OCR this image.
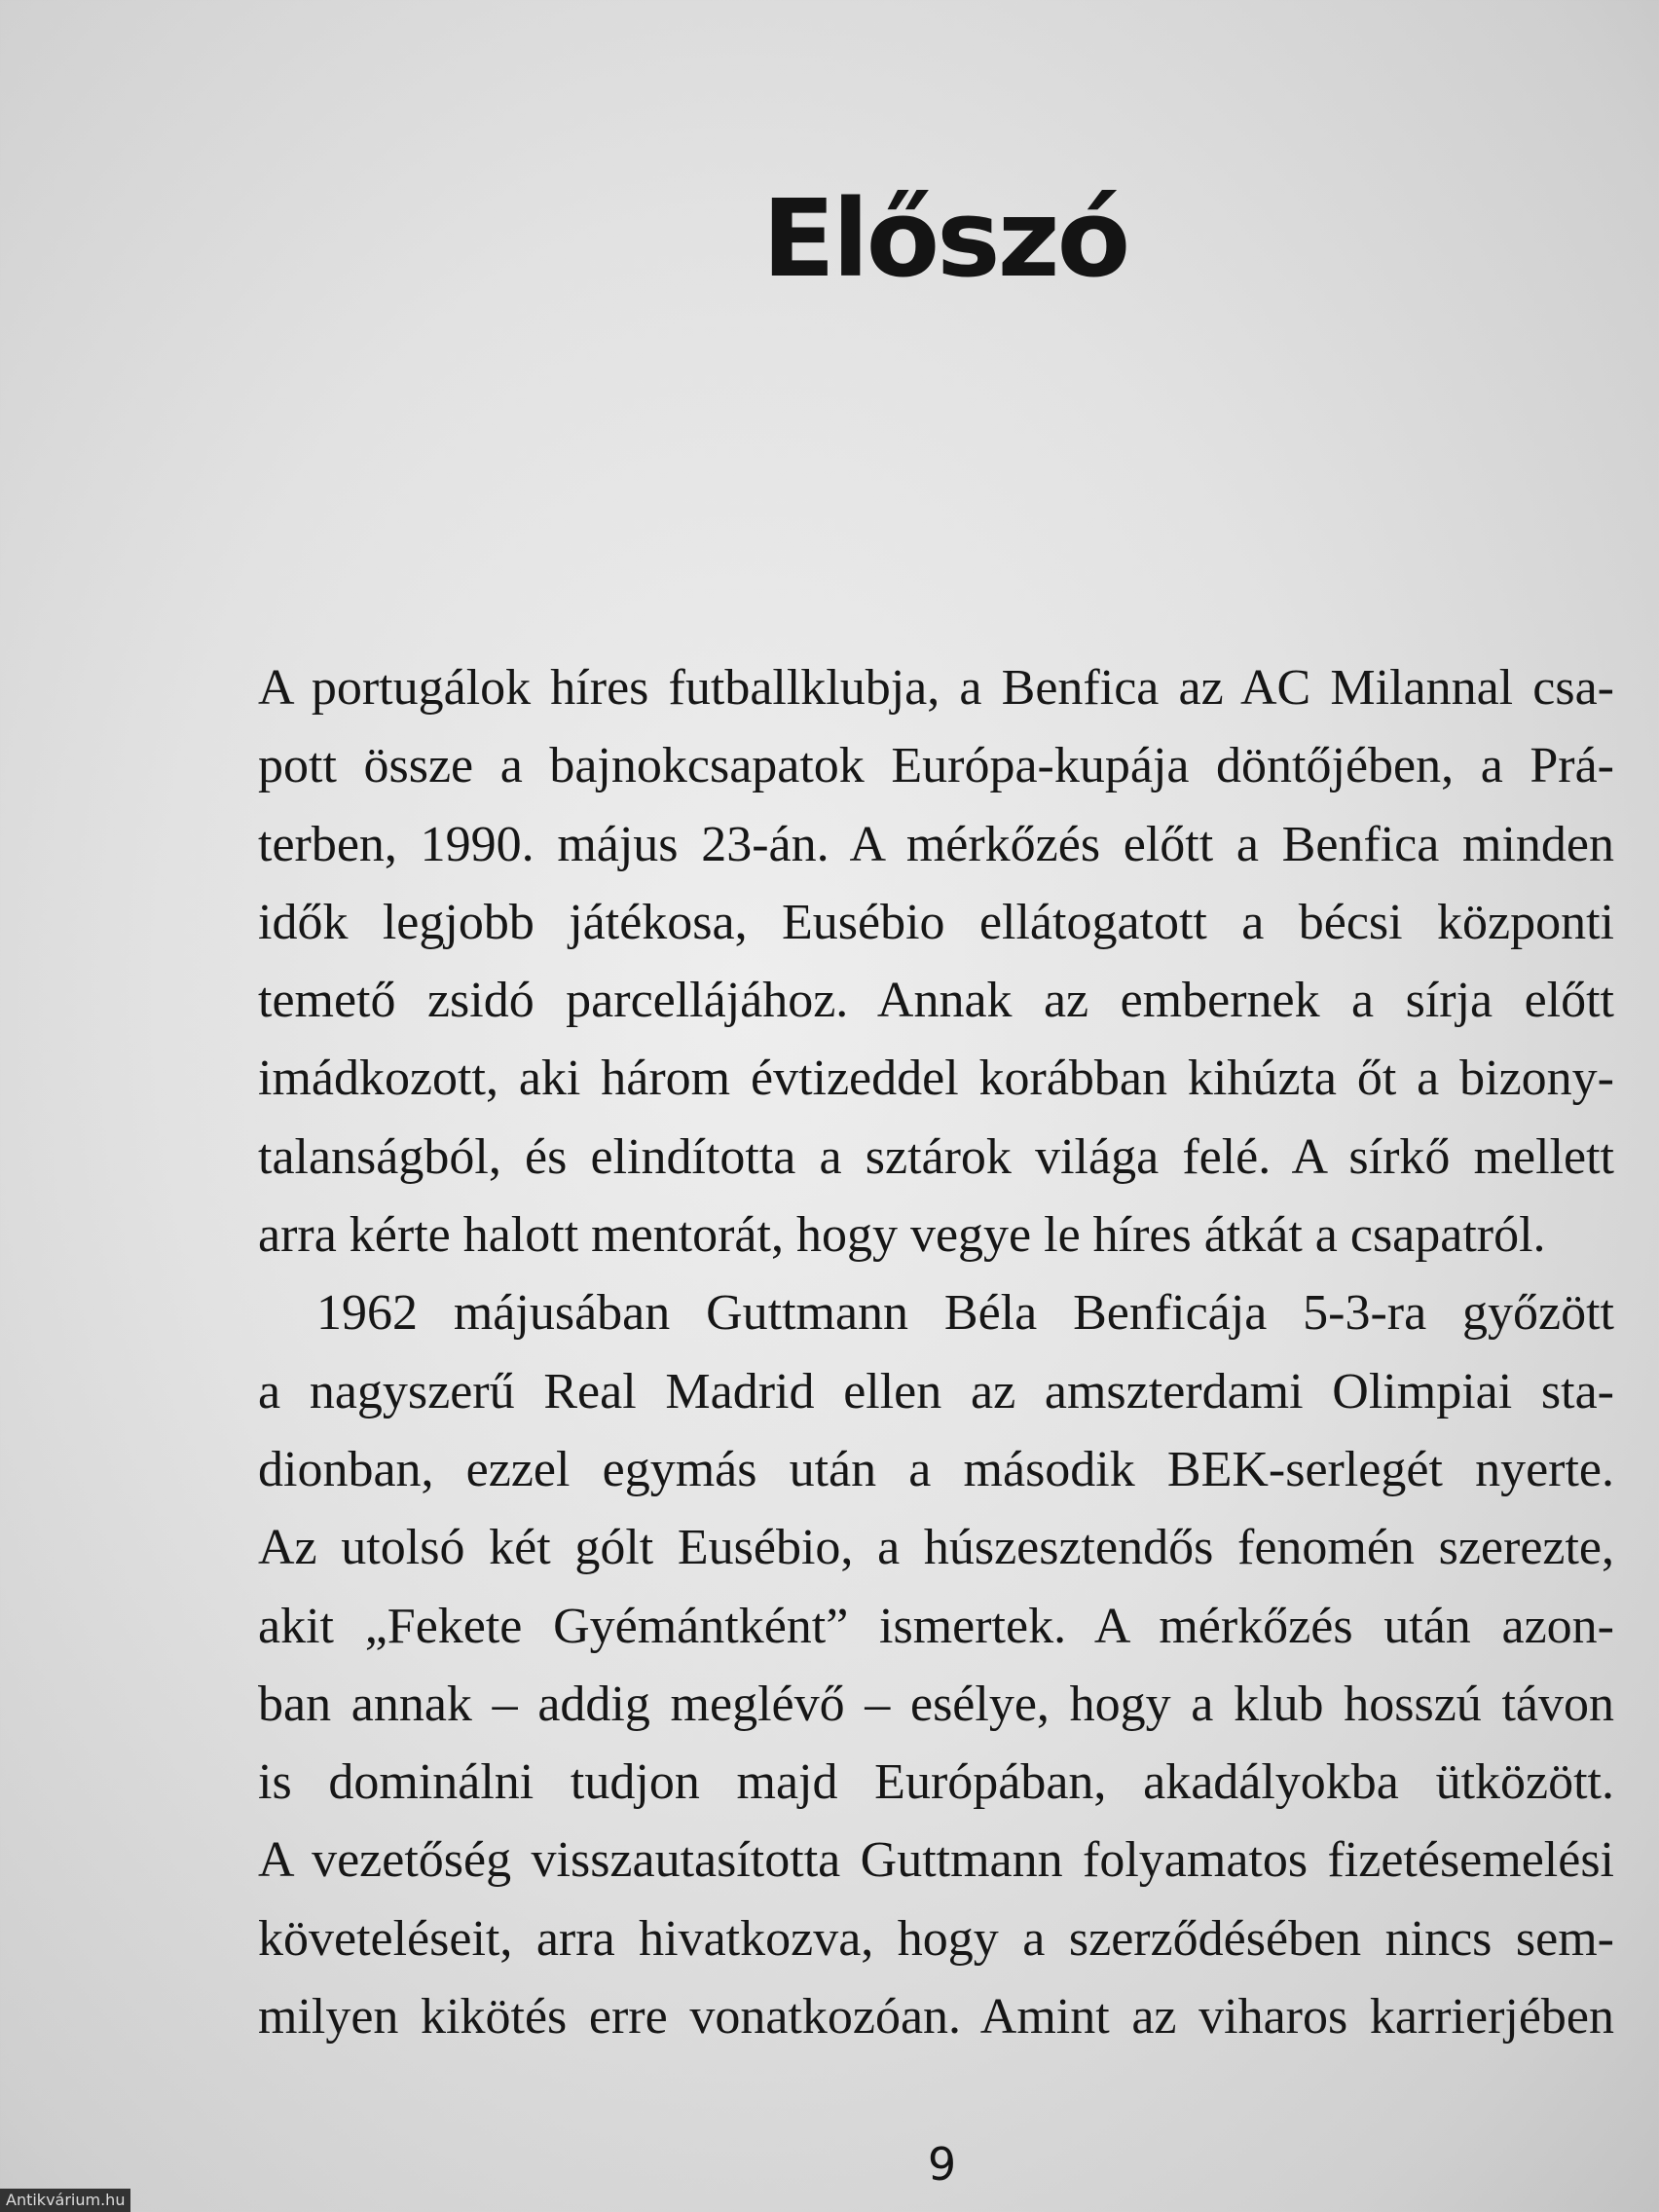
Előszó
A portugálok híres futballklubja, a Benfica az AC Milannal csa-
pott össze a bajnokcsapatok Európa-kupája döntőjében, a Prá-
terben, 1990. május 23-án. A mérkőzés előtt a Benfica minden
idők legjobb játékosa, Eusébio ellátogatott a bécsi központi
temető zsidó parcellájához. Annak az embernek a sírja előtt
imádkozott, aki három évtizeddel korábban kihúzta őt a bizony-
talanságból, és elindította a sztárok világa felé. A sírkő mellett
arra kérte halott mentorát, hogy vegye le híres átkát a csapatról.
1962 májusában Guttmann Béla Benficája 5-3-ra győzött
a nagyszerű Real Madrid ellen az amszterdami Olimpiai sta-
dionban, ezzel egymás után a második BEK-serlegét nyerte.
Az utolsó két gólt Eusébio, a húszesztendős fenomén szerezte,
akit „Fekete Gyémántként” ismertek. A mérkőzés után azon-
ban annak – addig meglévő – esélye, hogy a klub hosszú távon
is dominálni tudjon majd Európában, akadályokba ütközött.
A vezetőség visszautasította Guttmann folyamatos fizetésemelési
követeléseit, arra hivatkozva, hogy a szerződésében nincs sem-
milyen kikötés erre vonatkozóan. Amint az viharos karrierjében
9
Antikvárium.hu
